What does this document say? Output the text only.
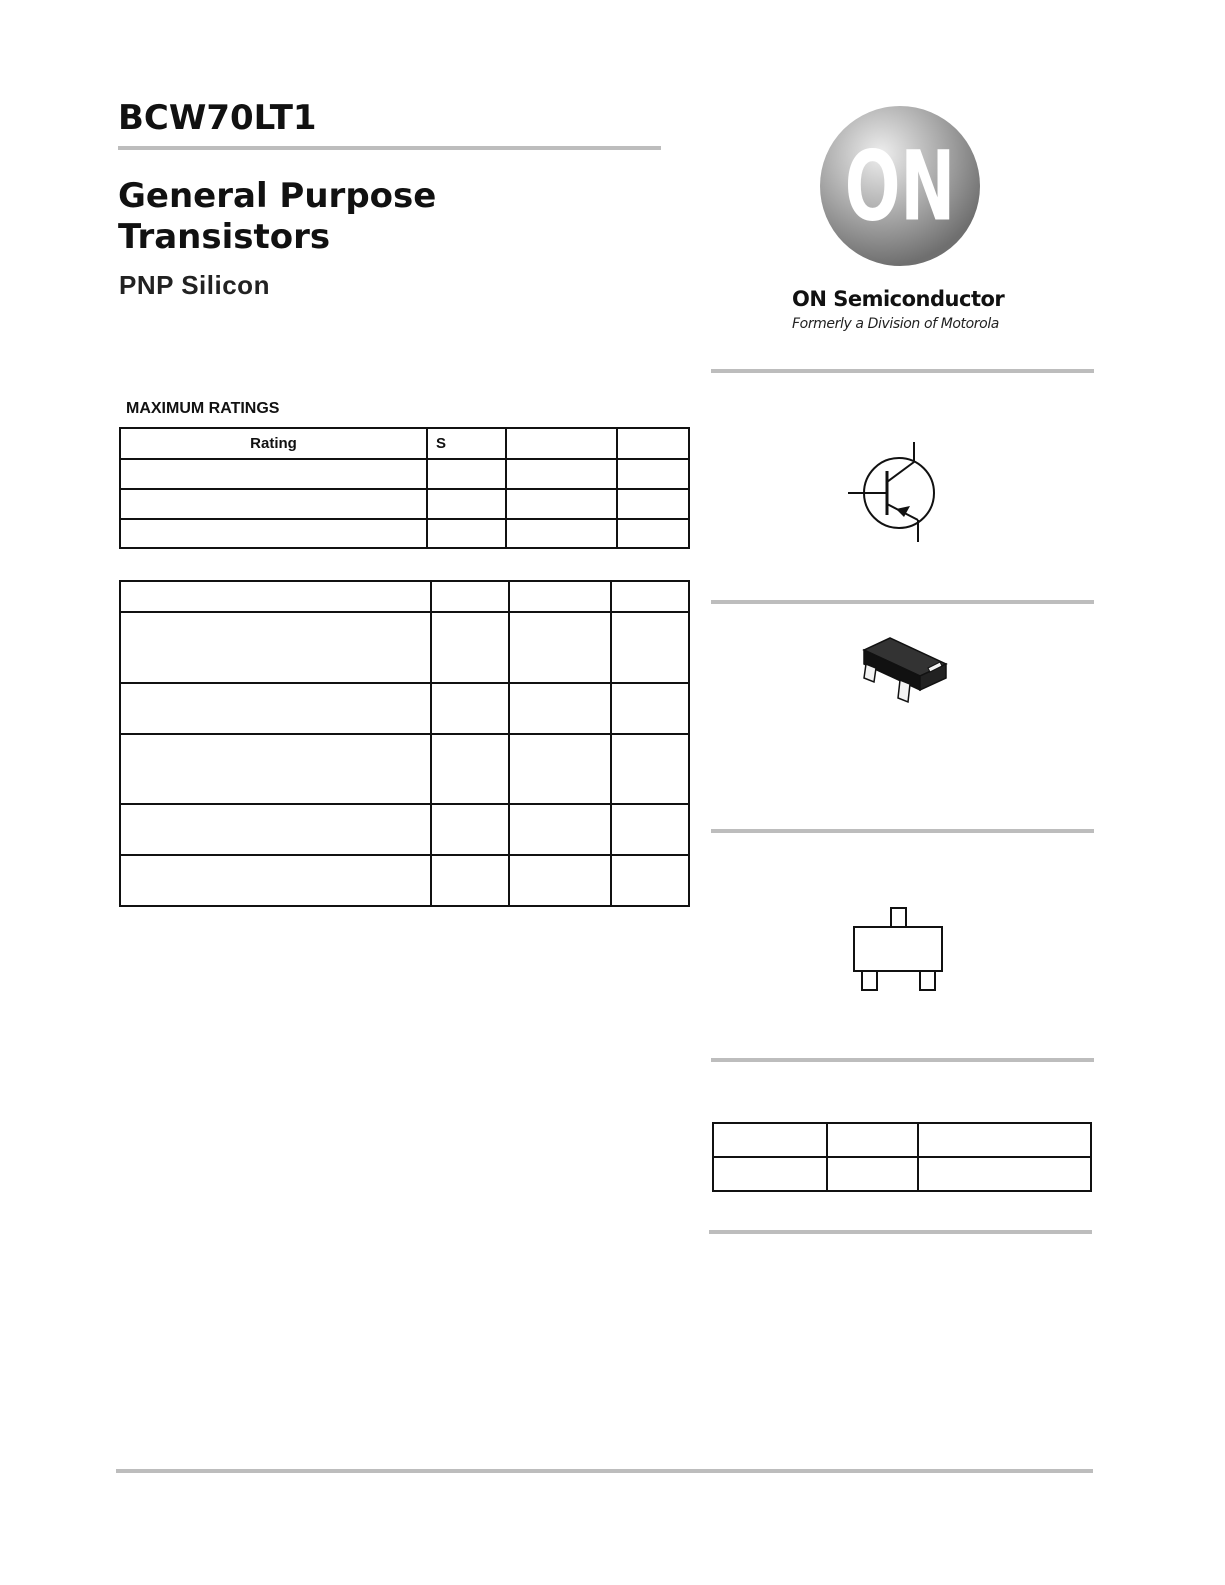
BCW70LT1
General Purpose
Transistors
PNP Silicon
ON
ON Semiconductor
Formerly a Division of Motorola
MAXIMUM RATINGS
Rating	S		
